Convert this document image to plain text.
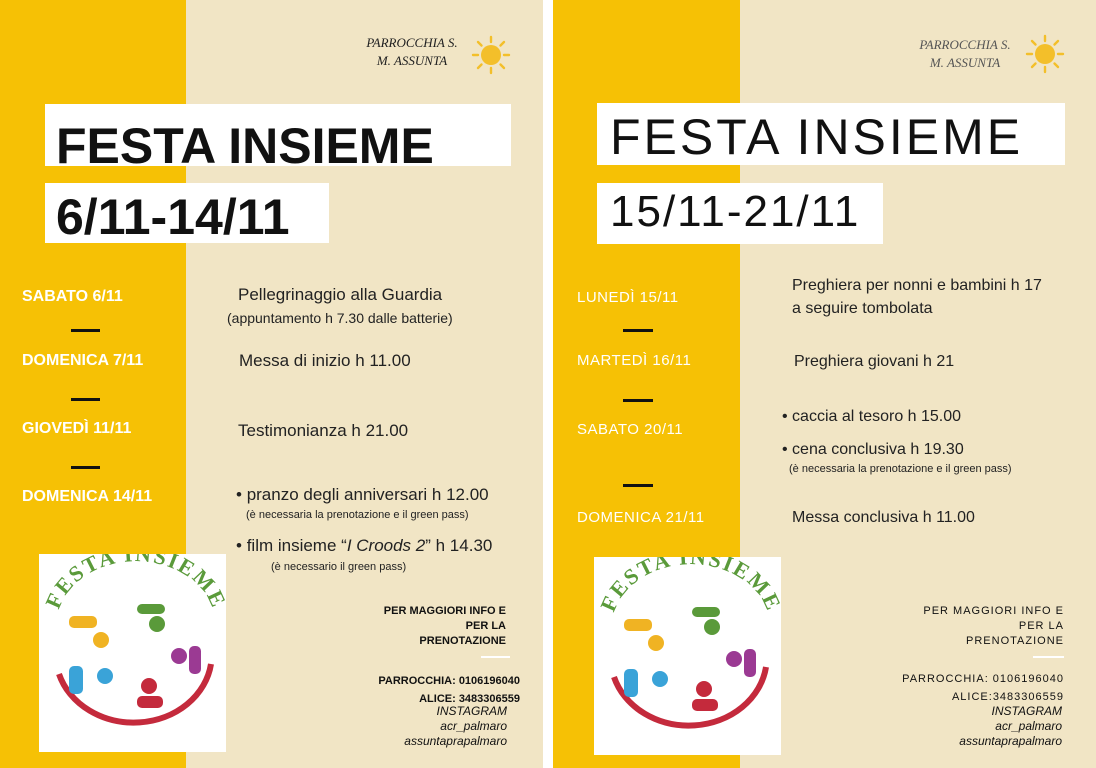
PARROCCHIA S.
M. ASSUNTA
FESTA INSIEME
6/11-14/11
SABATO 6/11
DOMENICA 7/11
GIOVEDÌ 11/11
DOMENICA 14/11
Pellegrinaggio alla Guardia
(appuntamento h 7.30 dalle batterie)
Messa di inizio h 11.00
Testimonianza h 21.00
• pranzo degli anniversari h 12.00
(è necessaria la prenotazione e il green pass)
• film insieme “I Croods 2” h 14.30
(è necessario il green pass)
FESTA NSIEM
PER MAGGIORI INFO E
PER LA
PRENOTAZIONE
PARROCCHIA: 0106196040
ALICE: 3483306559
INSTAGRAM
acr_palmaro
assuntaprapalmaro
PARROCCHIA S.
M. ASSUNTA
FESTA INSIEME
15/11-21/11
LUNEDÌ 15/11
MARTEDÌ 16/11
SABATO 20/11
DOMENICA 21/11
Preghiera per nonni e bambini h 17
a seguire tombolata
Preghiera giovani h 21
• caccia al tesoro h 15.00
• cena conclusiva h 19.30
(è necessaria la prenotazione e il green pass)
Messa conclusiva h 11.00
FESTA NSIEM
PER MAGGIORI INFO E
PER LA
PRENOTAZIONE
PARROCCHIA: 0106196040
ALICE:3483306559
INSTAGRAM
acr_palmaro
assuntaprapalmaro
